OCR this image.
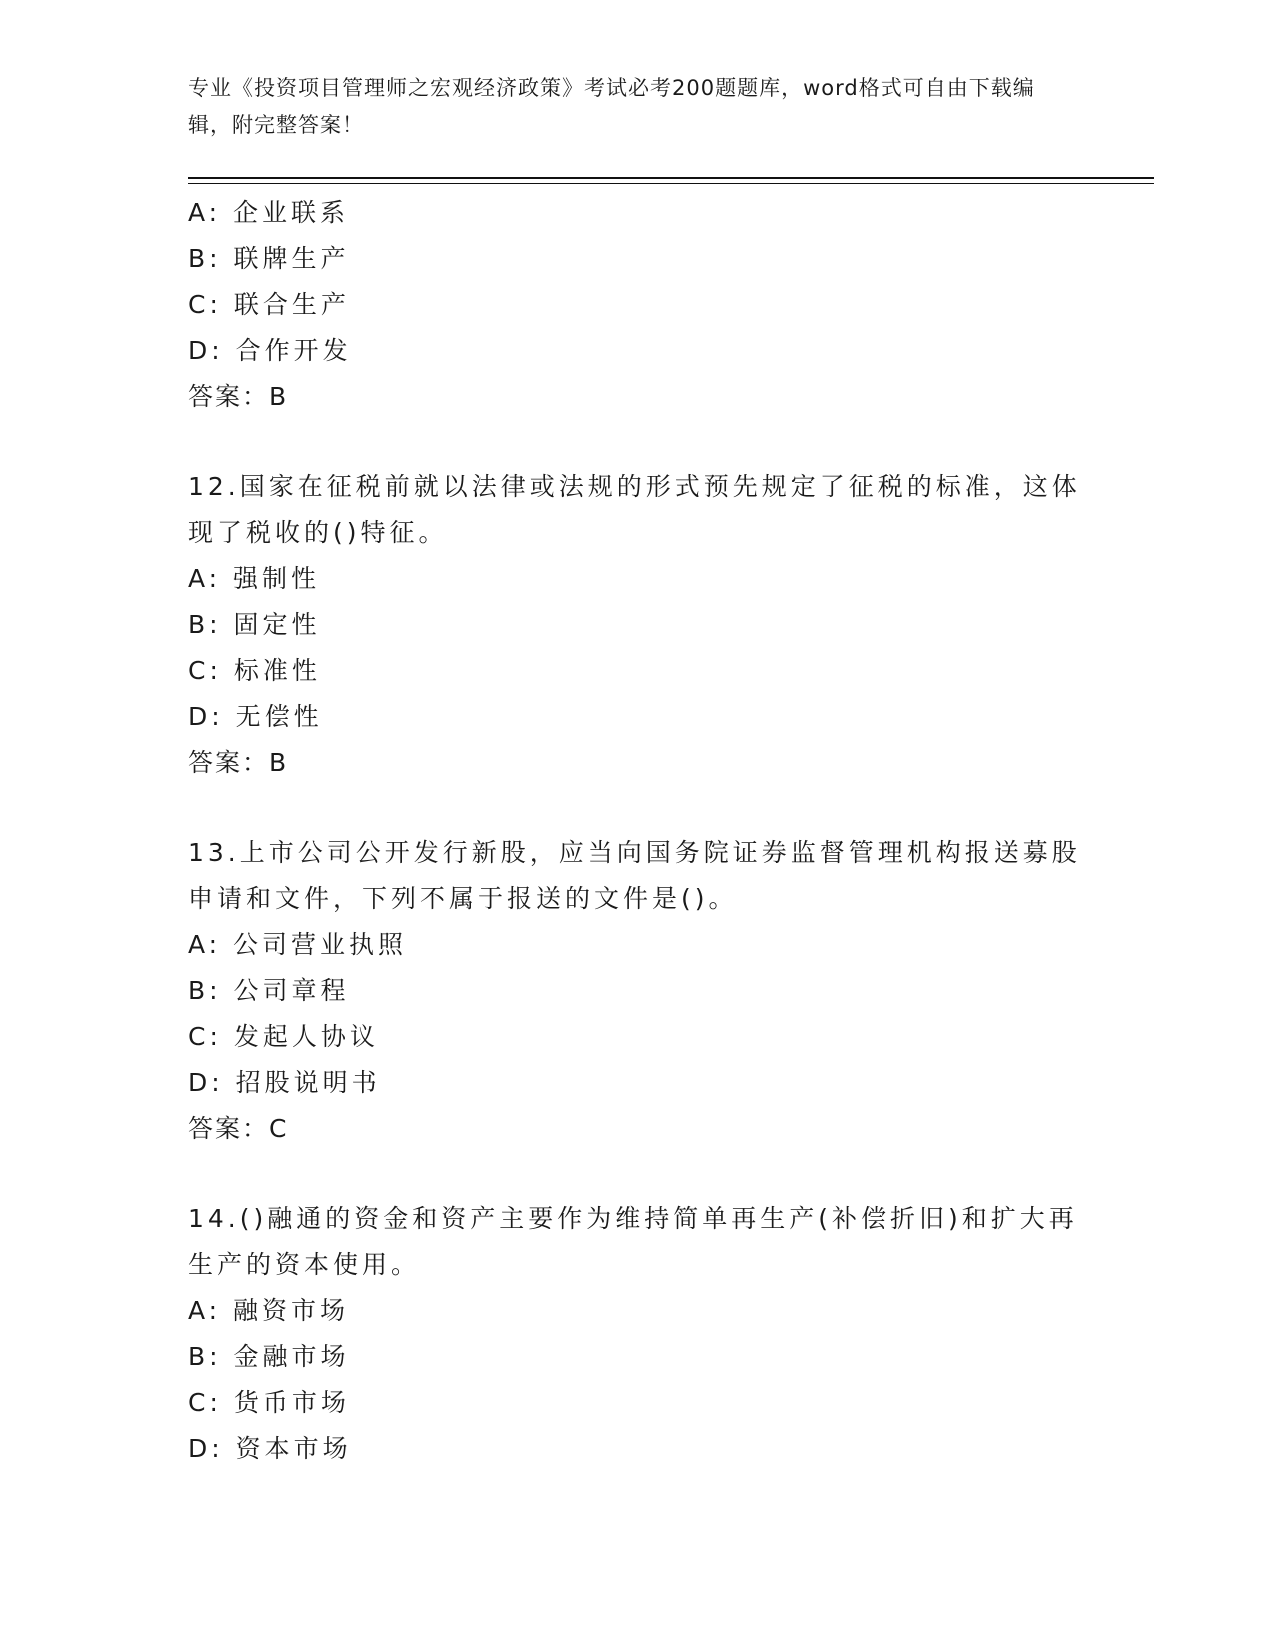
专业《投资项目管理师之宏观经济政策》考试必考200题题库，word格式可自由下载编辑，附完整答案！
A: 企业联系
B: 联牌生产
C: 联合生产
D: 合作开发
答案：B
12.国家在征税前就以法律或法规的形式预先规定了征税的标准，这体
现了税收的()特征。
A: 强制性
B: 固定性
C: 标准性
D: 无偿性
答案：B
13.上市公司公开发行新股，应当向国务院证券监督管理机构报送募股
申请和文件，下列不属于报送的文件是()。
A: 公司营业执照
B: 公司章程
C: 发起人协议
D: 招股说明书
答案：C
14.()融通的资金和资产主要作为维持简单再生产(补偿折旧)和扩大再
生产的资本使用。
A: 融资市场
B: 金融市场
C: 货币市场
D: 资本市场
